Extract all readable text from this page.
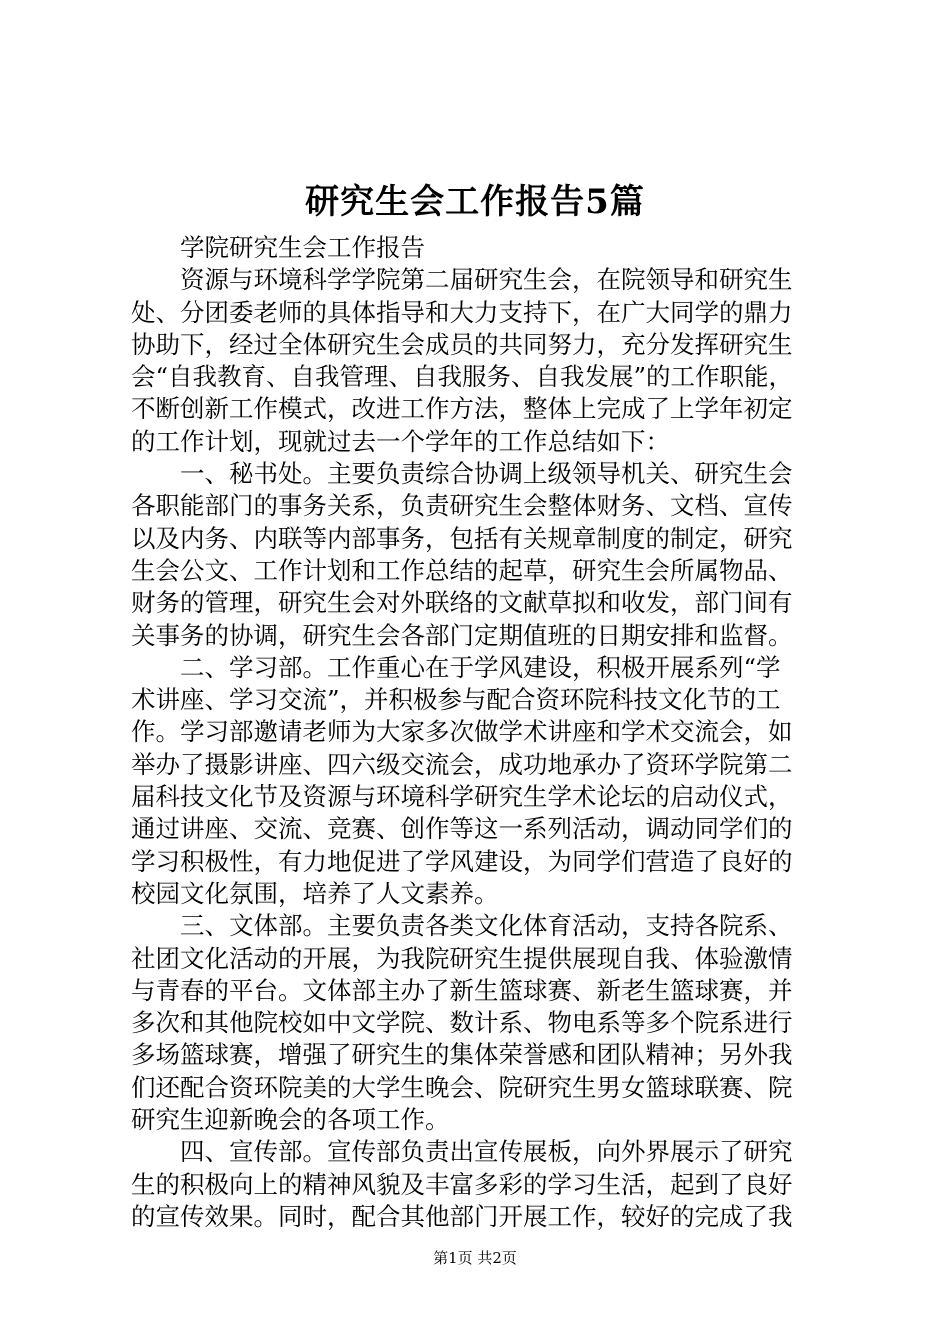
研究生会工作报告5篇
学院研究生会工作报告
资源与环境科学学院第二届研究生会，在院领导和研究生
处、分团委老师的具体指导和大力支持下，在广大同学的鼎力
协助下，经过全体研究生会成员的共同努力，充分发挥研究生
会“自我教育、自我管理、自我服务、自我发展”的工作职能，
不断创新工作模式，改进工作方法，整体上完成了上学年初定
的工作计划，现就过去一个学年的工作总结如下：
一、秘书处。主要负责综合协调上级领导机关、研究生会
各职能部门的事务关系，负责研究生会整体财务、文档、宣传
以及内务、内联等内部事务，包括有关规章制度的制定，研究
生会公文、工作计划和工作总结的起草，研究生会所属物品、
财务的管理，研究生会对外联络的文献草拟和收发，部门间有
关事务的协调，研究生会各部门定期值班的日期安排和监督。
二、学习部。工作重心在于学风建设，积极开展系列“学
术讲座、学习交流”，并积极参与配合资环院科技文化节的工
作。学习部邀请老师为大家多次做学术讲座和学术交流会，如
举办了摄影讲座、四六级交流会，成功地承办了资环学院第二
届科技文化节及资源与环境科学研究生学术论坛的启动仪式，
通过讲座、交流、竞赛、创作等这一系列活动，调动同学们的
学习积极性，有力地促进了学风建设，为同学们营造了良好的
校园文化氛围，培养了人文素养。
三、文体部。主要负责各类文化体育活动，支持各院系、
社团文化活动的开展，为我院研究生提供展现自我、体验激情
与青春的平台。文体部主办了新生篮球赛、新老生篮球赛，并
多次和其他院校如中文学院、数计系、物电系等多个院系进行
多场篮球赛，增强了研究生的集体荣誉感和团队精神；另外我
们还配合资环院美的大学生晚会、院研究生男女篮球联赛、院
研究生迎新晚会的各项工作。
四、宣传部。宣传部负责出宣传展板，向外界展示了研究
生的积极向上的精神风貌及丰富多彩的学习生活，起到了良好
的宣传效果。同时，配合其他部门开展工作，较好的完成了我
第1页 共2页
